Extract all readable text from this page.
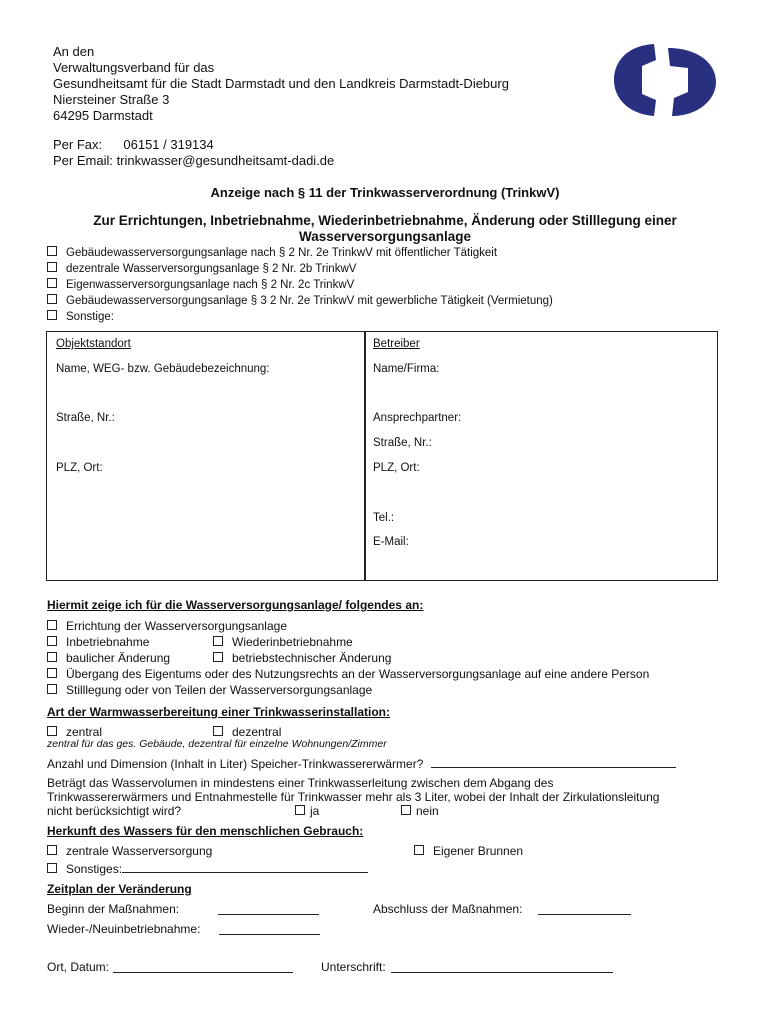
An den
Verwaltungsverband für das
Gesundheitsamt für die Stadt Darmstadt und den Landkreis Darmstadt-Dieburg
Niersteiner Straße 3
64295 Darmstadt
Per Fax: 06151 / 319134
Per Email: trinkwasser@gesundheitsamt-dadi.de
Anzeige nach § 11 der Trinkwasserverordnung (TrinkwV)
Zur Errichtungen, Inbetriebnahme, Wiederinbetriebnahme, Änderung oder Stilllegung einer
Wasserversorgungsanlage
Gebäudewasserversorgungsanlage nach § 2 Nr. 2e TrinkwV mit öffentlicher Tätigkeit
dezentrale Wasserversorgungsanlage § 2 Nr. 2b TrinkwV
Eigenwasserversorgungsanlage nach § 2 Nr. 2c TrinkwV
Gebäudewasserversorgungsanlage § 3 2 Nr. 2e TrinkwV mit gewerbliche Tätigkeit (Vermietung)
Sonstige:
Objektstandort
Name, WEG- bzw. Gebäudebezeichnung:
Straße, Nr.:
PLZ, Ort:
Betreiber
Name/Firma:
Ansprechpartner:
Straße, Nr.:
PLZ, Ort:
Tel.:
E-Mail:
Hiermit zeige ich für die Wasserversorgungsanlage/ folgendes an:
Errichtung der Wasserversorgungsanlage
Inbetriebnahme	Wiederinbetriebnahme
baulicher Änderung	betriebstechnischer Änderung
Übergang des Eigentums oder des Nutzungsrechts an der Wasserversorgungsanlage auf eine andere Person
Stilllegung oder von Teilen der Wasserversorgungsanlage
Art der Warmwasserbereitung einer Trinkwasserinstallation:
zentral	dezentral
zentral für das ges. Gebäude, dezentral für einzelne Wohnungen/Zimmer
Anzahl und Dimension (Inhalt in Liter) Speicher-Trinkwassererwärmer?
Beträgt das Wasservolumen in mindestens einer Trinkwasserleitung zwischen dem Abgang des
Trinkwassererwärmers und Entnahmestelle für Trinkwasser mehr als 3 Liter, wobei der Inhalt der Zirkulationsleitung
nicht berücksichtigt wird?	ja	nein
Herkunft des Wassers für den menschlichen Gebrauch:
zentrale Wasserversorgung	Eigener Brunnen
Sonstiges:
Zeitplan der Veränderung
Beginn der Maßnahmen:	Abschluss der Maßnahmen:
Wieder-/Neuinbetriebnahme:
Ort, Datum:	Unterschrift:
